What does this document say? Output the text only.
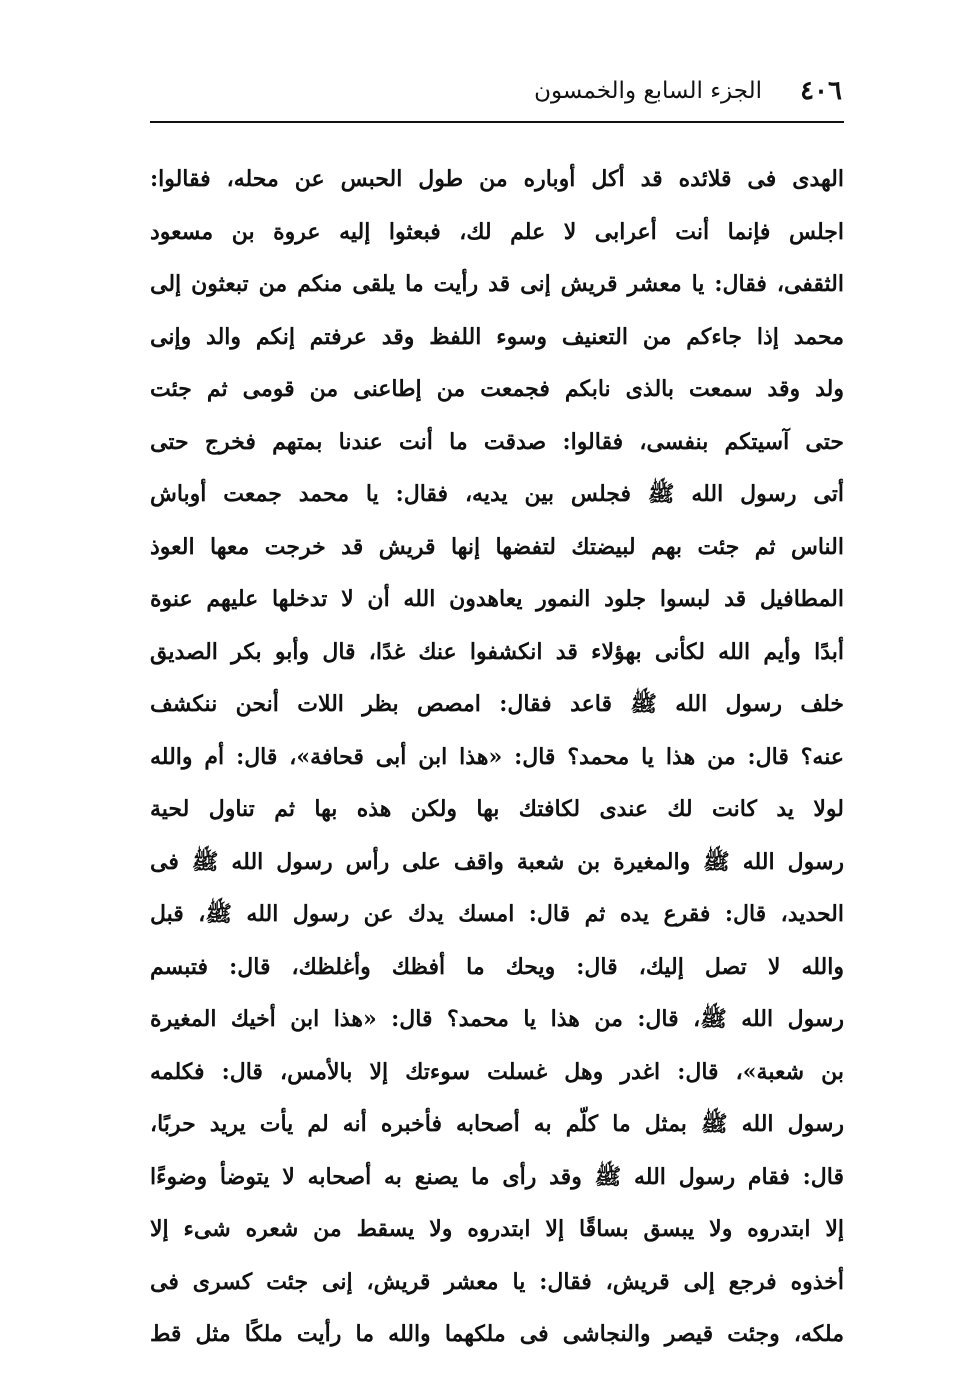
٤٠٦
الجزء السابع والخمسون
الهدى فى قلائده قد أكل أوباره من طول الحبس عن محله، فقالوا:
اجلس فإنما أنت أعرابى لا علم لك، فبعثوا إليه عروة بن مسعود
الثقفى، فقال: يا معشر قريش إنى قد رأيت ما يلقى منكم من تبعثون إلى
محمد إذا جاءكم من التعنيف وسوء اللفظ وقد عرفتم إنكم والد وإنى
ولد وقد سمعت بالذى نابكم فجمعت من إطاعنى من قومى ثم جئت
حتى آسيتكم بنفسى، فقالوا: صدقت ما أنت عندنا بمتهم فخرج حتى
أتى رسول الله ﷺ فجلس بين يديه، فقال: يا محمد جمعت أوباش
الناس ثم جئت بهم لبيضتك لتفضها إنها قريش قد خرجت معها العوذ
المطافيل قد لبسوا جلود النمور يعاهدون الله أن لا تدخلها عليهم عنوة
أبدًا وأيم الله لكأنى بهؤلاء قد انكشفوا عنك غدًا، قال وأبو بكر الصديق
خلف رسول الله ﷺ قاعد فقال: امصص بظر اللات أنحن ننكشف
عنه؟ قال: من هذا يا محمد؟ قال: «هذا ابن أبى قحافة»، قال: أم والله
لولا يد كانت لك عندى لكافتك بها ولكن هذه بها ثم تناول لحية
رسول الله ﷺ والمغيرة بن شعبة واقف على رأس رسول الله ﷺ فى
الحديد، قال: فقرع يده ثم قال: امسك يدك عن رسول الله ﷺ، قبل
والله لا تصل إليك، قال: ويحك ما أفظك وأغلظك، قال: فتبسم
رسول الله ﷺ، قال: من هذا يا محمد؟ قال: «هذا ابن أخيك المغيرة
بن شعبة»، قال: اغدر وهل غسلت سوءتك إلا بالأمس، قال: فكلمه
رسول الله ﷺ بمثل ما كلّم به أصحابه فأخبره أنه لم يأت يريد حربًا،
قال: فقام رسول الله ﷺ وقد رأى ما يصنع به أصحابه لا يتوضأ وضوءًا
إلا ابتدروه ولا يبسق بساقًا إلا ابتدروه ولا يسقط من شعره شىء إلا
أخذوه فرجع إلى قريش، فقال: يا معشر قريش، إنى جئت كسرى فى
ملكه، وجئت قيصر والنجاشى فى ملكهما والله ما رأيت ملكًا مثل قط
